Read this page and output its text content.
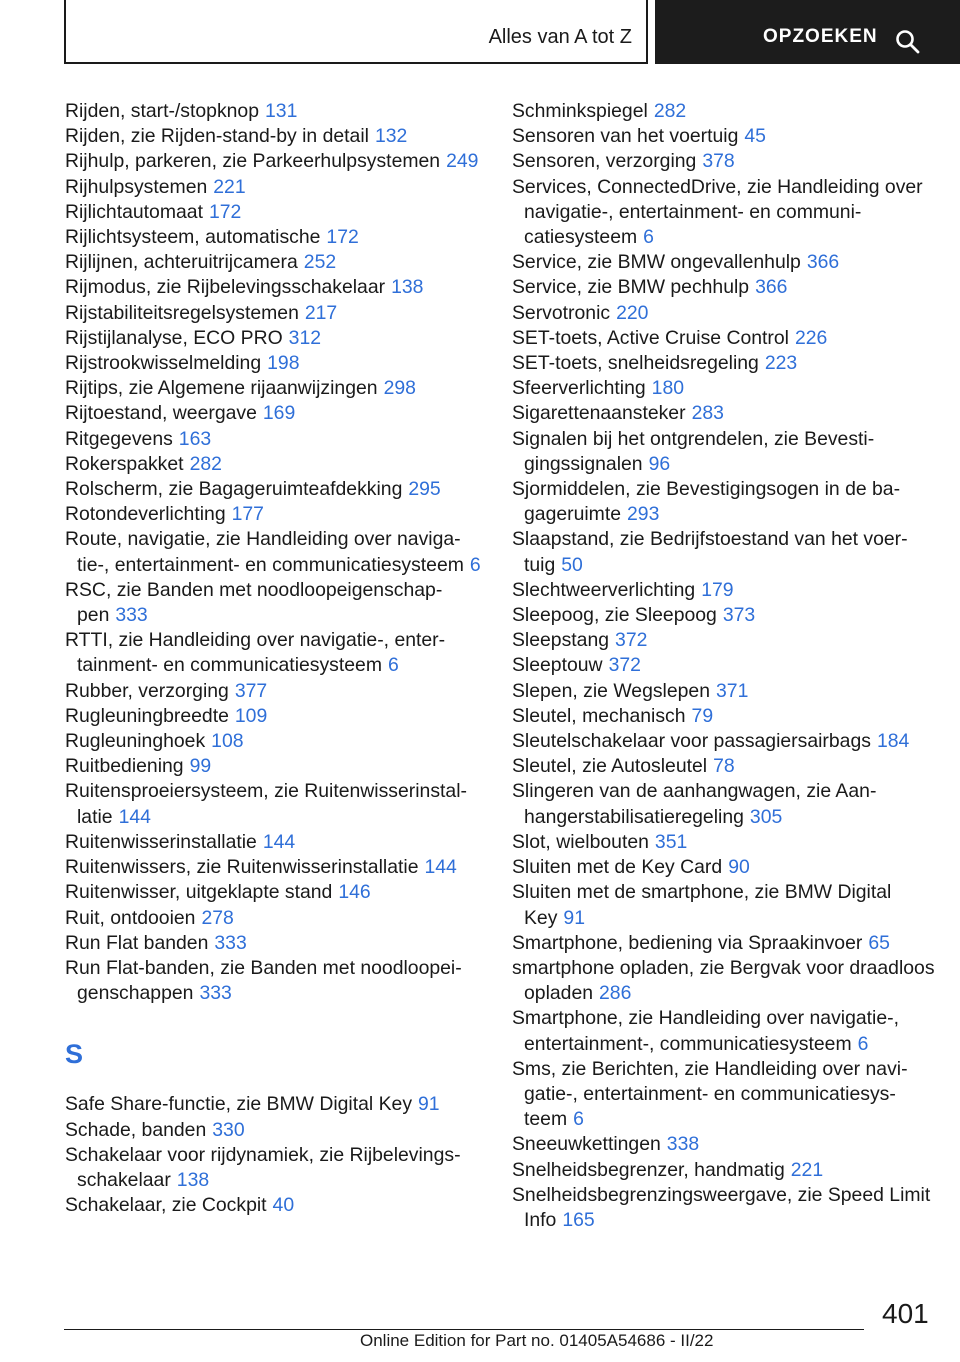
Alles van A tot Z	OPZOEKEN
Rijden, start-/stopknop 131
Rijden, zie Rijden-stand-by in detail 132
Rijhulp, parkeren, zie Parkeerhulpsystemen 249
Rijhulpsystemen 221
Rijlichtautomaat 172
Rijlichtsysteem, automatische 172
Rijlijnen, achteruitrijcamera 252
Rijmodus, zie Rijbelevingsschakelaar 138
Rijstabiliteitsregelsystemen 217
Rijstijlanalyse, ECO PRO 312
Rijstrookwisselmelding 198
Rijtips, zie Algemene rijaanwijzingen 298
Rijtoestand, weergave 169
Ritgegevens 163
Rokerspakket 282
Rolscherm, zie Bagageruimteafdekking 295
Rotondeverlichting 177
Route, navigatie, zie Handleiding over navigatie-, entertainment- en communicatiesysteem 6
RSC, zie Banden met noodloopeigenschappen 333
RTTI, zie Handleiding over navigatie-, entertainment- en communicatiesysteem 6
Rubber, verzorging 377
Rugleuningbreedte 109
Rugleuninghoek 108
Ruitbediening 99
Ruitensproeiersysteem, zie Ruitenwisserinstallatie 144
Ruitenwisserinstallatie 144
Ruitenwissers, zie Ruitenwisserinstallatie 144
Ruitenwisser, uitgeklapte stand 146
Ruit, ontdooien 278
Run Flat banden 333
Run Flat-banden, zie Banden met noodloopeigenschappen 333
S
Safe Share-functie, zie BMW Digital Key 91
Schade, banden 330
Schakelaar voor rijdynamiek, zie Rijbelevingsschakelaar 138
Schakelaar, zie Cockpit 40
Schminkspiegel 282
Sensoren van het voertuig 45
Sensoren, verzorging 378
Services, ConnectedDrive, zie Handleiding over navigatie-, entertainment- en communicatiesysteem 6
Service, zie BMW ongevallenhulp 366
Service, zie BMW pechhulp 366
Servotronic 220
SET-toets, Active Cruise Control 226
SET-toets, snelheidsregeling 223
Sfeerverlichting 180
Sigarettenaansteker 283
Signalen bij het ontgrendelen, zie Bevestigingssignalen 96
Sjormiddelen, zie Bevestigingsogen in de bagageruimte 293
Slaapstand, zie Bedrijfstoestand van het voertuig 50
Slechtweerverlichting 179
Sleepoog, zie Sleepoog 373
Sleepstang 372
Sleeptouw 372
Slepen, zie Wegslepen 371
Sleutel, mechanisch 79
Sleutelschakelaar voor passagiersairbags 184
Sleutel, zie Autosleutel 78
Slingeren van de aanhangwagen, zie Aanhangerstabilisatieregeling 305
Slot, wielbouten 351
Sluiten met de Key Card 90
Sluiten met de smartphone, zie BMW Digital Key 91
Smartphone, bediening via Spraakinvoer 65
smartphone opladen, zie Bergvak voor draadloos opladen 286
Smartphone, zie Handleiding over navigatie-, entertainment-, communicatiesysteem 6
Sms, zie Berichten, zie Handleiding over navigatie-, entertainment- en communicatiesysteem 6
Sneeuwkettingen 338
Snelheidsbegrenzer, handmatig 221
Snelheidsbegrenzingsweergave, zie Speed Limit Info 165
401
Online Edition for Part no. 01405A54686 - II/22
